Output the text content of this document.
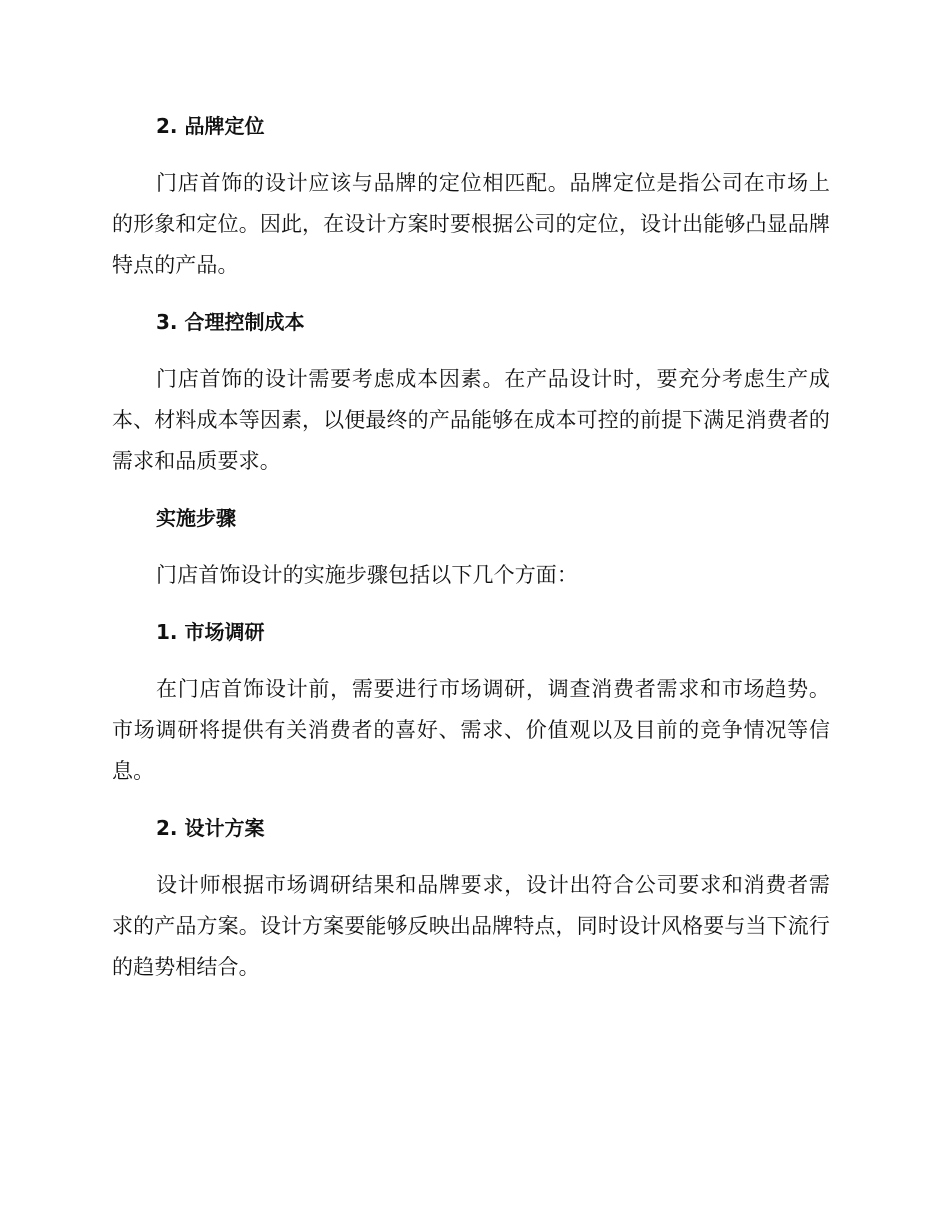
2. 品牌定位

门店首饰的设计应该与品牌的定位相匹配。品牌定位是指公司在市场上的形象和定位。因此，在设计方案时要根据公司的定位，设计出能够凸显品牌特点的产品。

3. 合理控制成本

门店首饰的设计需要考虑成本因素。在产品设计时，要充分考虑生产成本、材料成本等因素，以便最终的产品能够在成本可控的前提下满足消费者的需求和品质要求。

实施步骤

门店首饰设计的实施步骤包括以下几个方面：

1. 市场调研

在门店首饰设计前，需要进行市场调研，调查消费者需求和市场趋势。市场调研将提供有关消费者的喜好、需求、价值观以及目前的竞争情况等信息。

2. 设计方案

设计师根据市场调研结果和品牌要求，设计出符合公司要求和消费者需求的产品方案。设计方案要能够反映出品牌特点，同时设计风格要与当下流行的趋势相结合。
